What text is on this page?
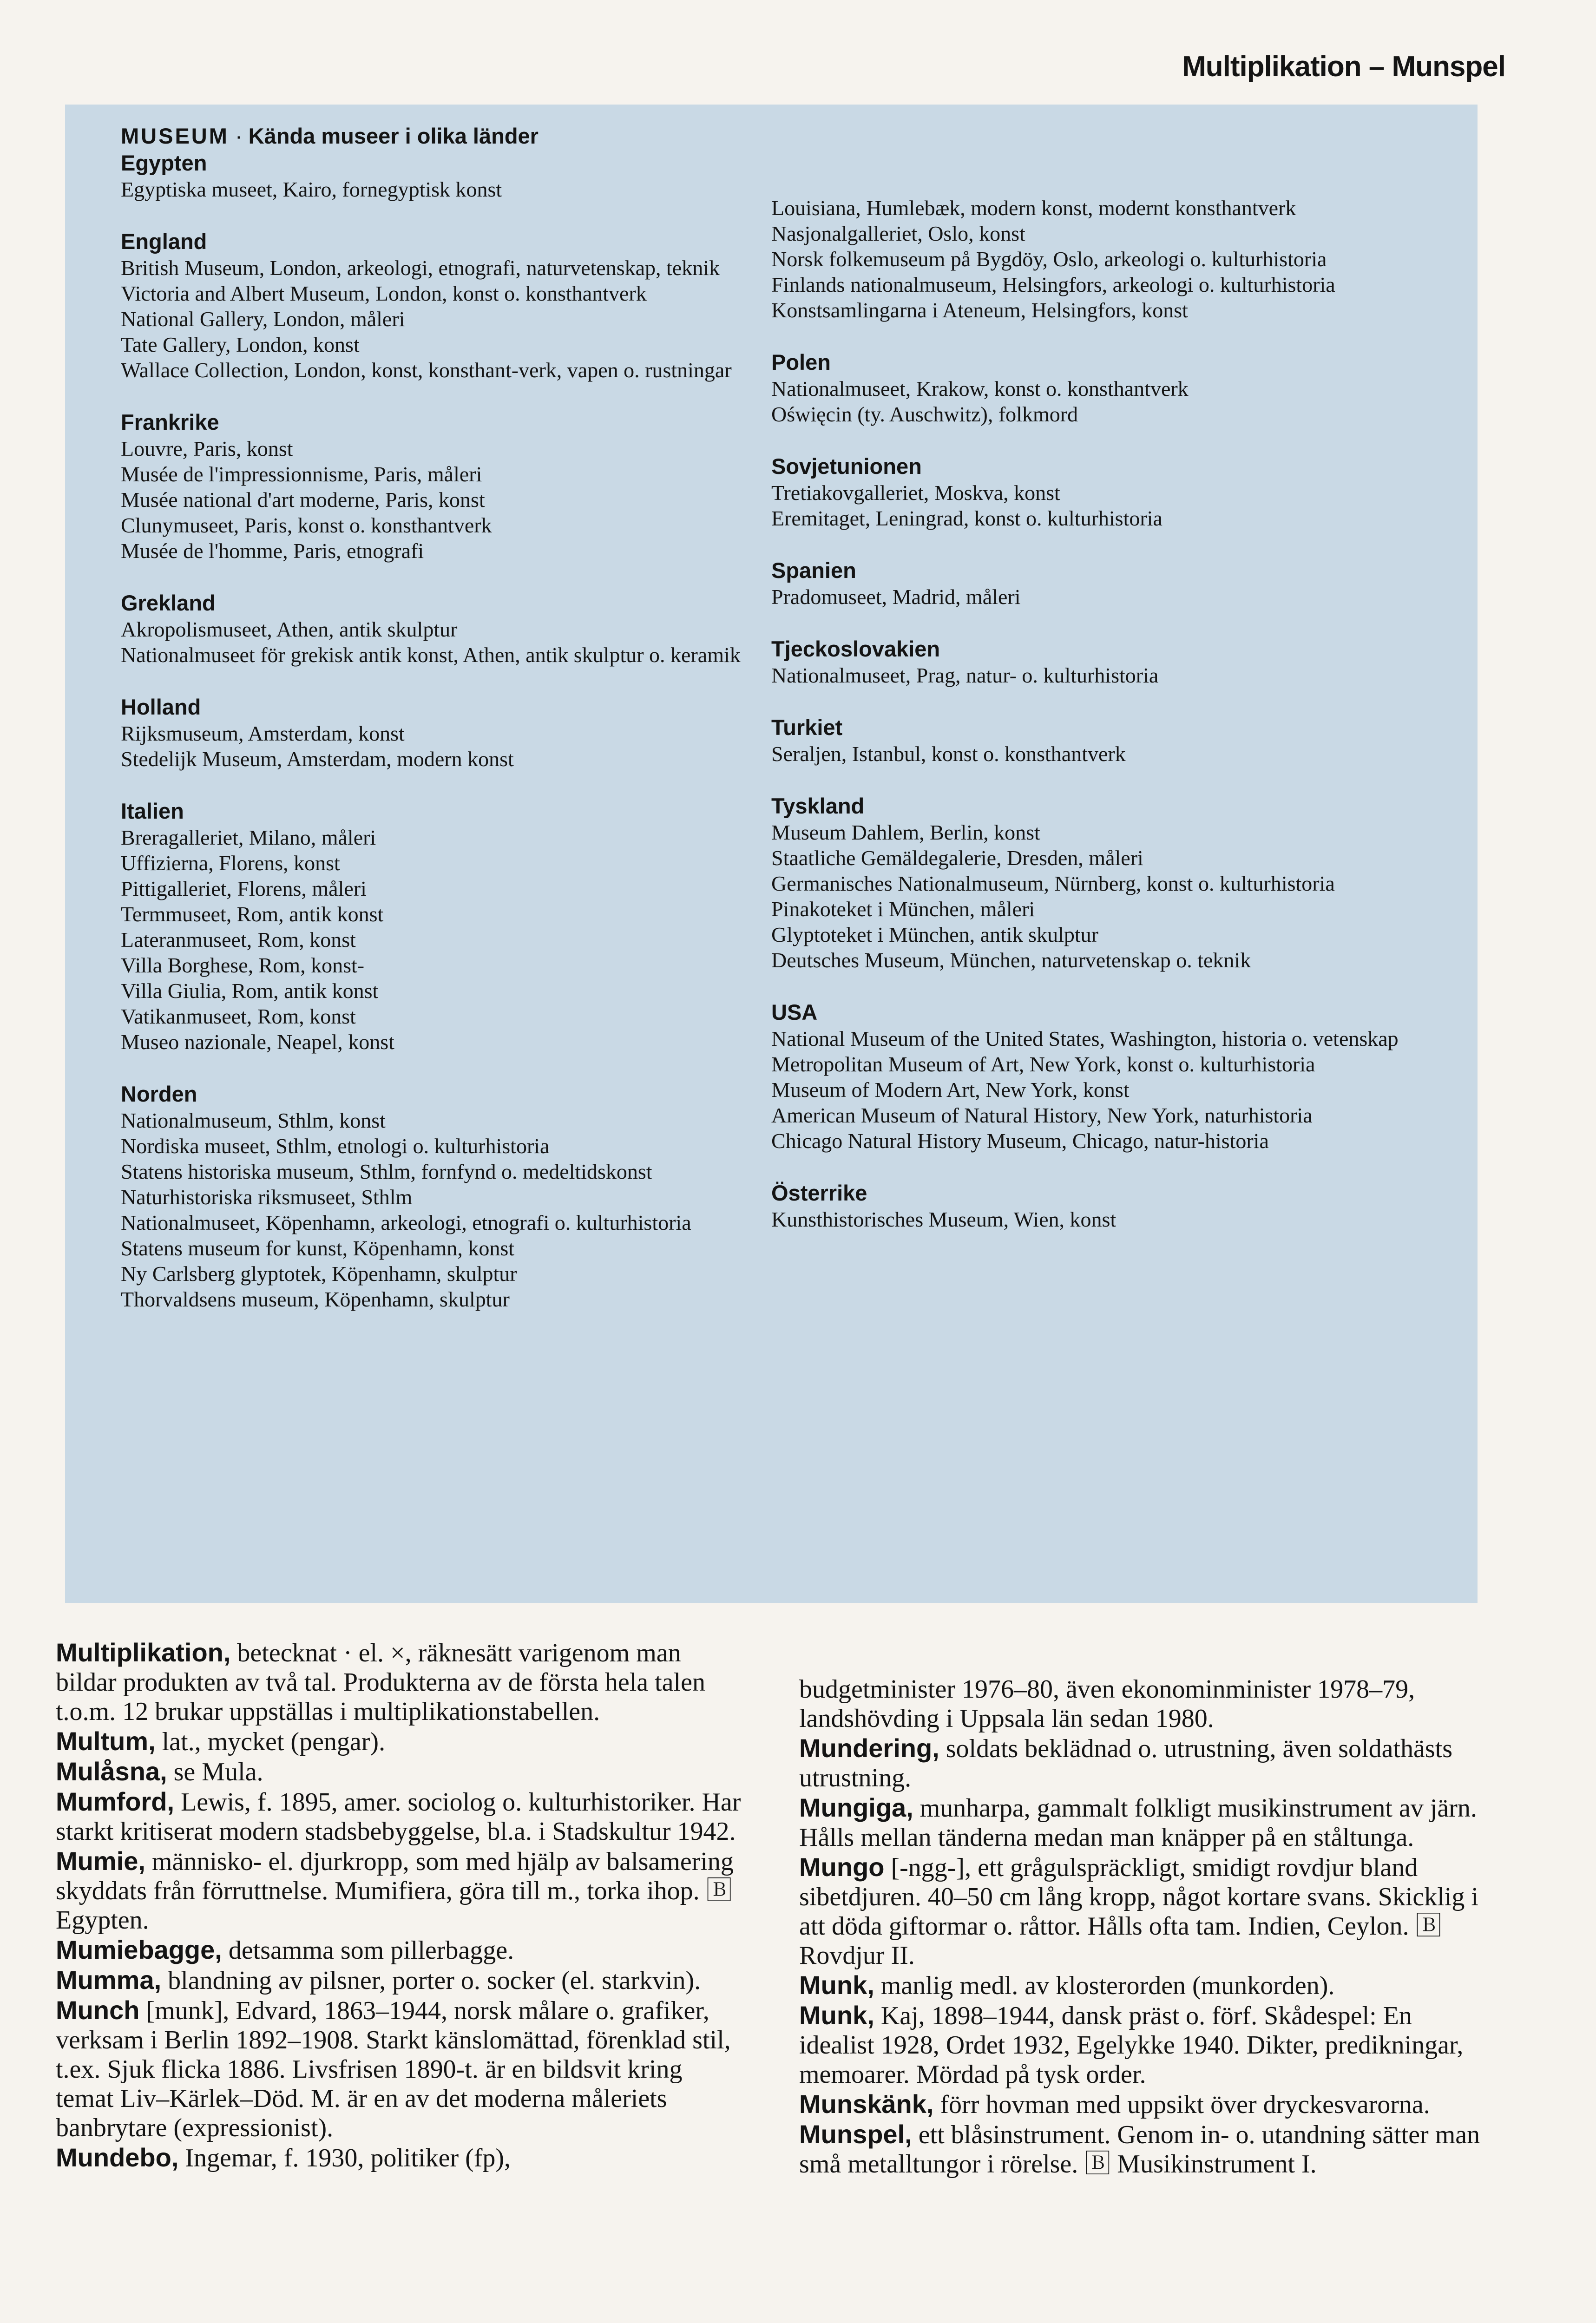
Multiplikation – Munspel
MUSEUM · Kända museer i olika länder
Egypten
Egyptiska museet, Kairo, fornegyptisk konst
England
British Museum, London, arkeologi, etnografi, naturvetenskap, teknik
Victoria and Albert Museum, London, konst o. konsthantverk
National Gallery, London, måleri
Tate Gallery, London, konst
Wallace Collection, London, konst, konsthant-verk, vapen o. rustningar
Frankrike
Louvre, Paris, konst
Musée de l'impressionnisme, Paris, måleri
Musée national d'art moderne, Paris, konst
Clunymuseet, Paris, konst o. konsthantverk
Musée de l'homme, Paris, etnografi
Grekland
Akropolismuseet, Athen, antik skulptur
Nationalmuseet för grekisk antik konst, Athen, antik skulptur o. keramik
Holland
Rijksmuseum, Amsterdam, konst
Stedelijk Museum, Amsterdam, modern konst
Italien
Breragalleriet, Milano, måleri
Uffizierna, Florens, konst
Pittigalleriet, Florens, måleri
Termmuseet, Rom, antik konst
Lateranmuseet, Rom, konst
Villa Borghese, Rom, konst-
Villa Giulia, Rom, antik konst
Vatikanmuseet, Rom, konst
Museo nazionale, Neapel, konst
Norden
Nationalmuseum, Sthlm, konst
Nordiska museet, Sthlm, etnologi o. kulturhistoria
Statens historiska museum, Sthlm, fornfynd o. medeltidskonst
Naturhistoriska riksmuseet, Sthlm
Nationalmuseet, Köpenhamn, arkeologi, etnografi o. kulturhistoria
Statens museum for kunst, Köpenhamn, konst
Ny Carlsberg glyptotek, Köpenhamn, skulptur
Thorvaldsens museum, Köpenhamn, skulptur
Louisiana, Humlebæk, modern konst, modernt konsthantverk
Nasjonalgalleriet, Oslo, konst
Norsk folkemuseum på Bygdöy, Oslo, arkeologi o. kulturhistoria
Finlands nationalmuseum, Helsingfors, arkeologi o. kulturhistoria
Konstsamlingarna i Ateneum, Helsingfors, konst
Polen
Nationalmuseet, Krakow, konst o. konsthantverk
Oświęcin (ty. Auschwitz), folkmord
Sovjetunionen
Tretiakovgalleriet, Moskva, konst
Eremitaget, Leningrad, konst o. kulturhistoria
Spanien
Pradomuseet, Madrid, måleri
Tjeckoslovakien
Nationalmuseet, Prag, natur- o. kulturhistoria
Turkiet
Seraljen, Istanbul, konst o. konsthantverk
Tyskland
Museum Dahlem, Berlin, konst
Staatliche Gemäldegalerie, Dresden, måleri
Germanisches Nationalmuseum, Nürnberg, konst o. kulturhistoria
Pinakoteket i München, måleri
Glyptoteket i München, antik skulptur
Deutsches Museum, München, naturvetenskap o. teknik
USA
National Museum of the United States, Washington, historia o. vetenskap
Metropolitan Museum of Art, New York, konst o. kulturhistoria
Museum of Modern Art, New York, konst
American Museum of Natural History, New York, naturhistoria
Chicago Natural History Museum, Chicago, natur-historia
Österrike
Kunsthistorisches Museum, Wien, konst
Multiplikation, betecknat · el. ×, räknesätt varigenom man bildar produkten av två tal. Produkterna av de första hela talen t.o.m. 12 brukar uppställas i multiplikationstabellen.
Multum, lat., mycket (pengar).
Mulåsna, se Mula.
Mumford, Lewis, f. 1895, amer. sociolog o. kulturhistoriker. Har starkt kritiserat modern stadsbebyggelse, bl.a. i Stadskultur 1942.
Mumie, människo- el. djurkropp, som med hjälp av balsamering skyddats från förruttnelse. Mumifiera, göra till m., torka ihop. 🄱 Egypten.
Mumiebagge, detsamma som pillerbagge.
Mumma, blandning av pilsner, porter o. socker (el. starkvin).
Munch [munk], Edvard, 1863–1944, norsk målare o. grafiker, verksam i Berlin 1892–1908. Starkt känslomättad, förenklad stil, t.ex. Sjuk flicka 1886. Livsfrisen 1890-t. är en bildsvit kring temat Liv–Kärlek–Död. M. är en av det moderna måleriets banbrytare (expressionist).
Mundebo, Ingemar, f. 1930, politiker (fp),
budgetminister 1976–80, även ekonominminister 1978–79, landshövding i Uppsala län sedan 1980.
Mundering, soldats beklädnad o. utrustning, även soldathästs utrustning.
Mungiga, munharpa, gammalt folkligt musikinstrument av järn. Hålls mellan tänderna medan man knäpper på en ståltunga.
Mungo [-ngg-], ett grågulspräckligt, smidigt rovdjur bland sibetdjuren. 40–50 cm lång kropp, något kortare svans. Skicklig i att döda giftormar o. råttor. Hålls ofta tam. Indien, Ceylon. 🄱 Rovdjur II.
Munk, manlig medl. av klosterorden (munkorden).
Munk, Kaj, 1898–1944, dansk präst o. förf. Skådespel: En idealist 1928, Ordet 1932, Egelykke 1940. Dikter, predikningar, memoarer. Mördad på tysk order.
Munskänk, förr hovman med uppsikt över dryckesvarorna.
Munspel, ett blåsinstrument. Genom in- o. utandning sätter man små metalltungor i rörelse. 🄱 Musikinstrument I.
